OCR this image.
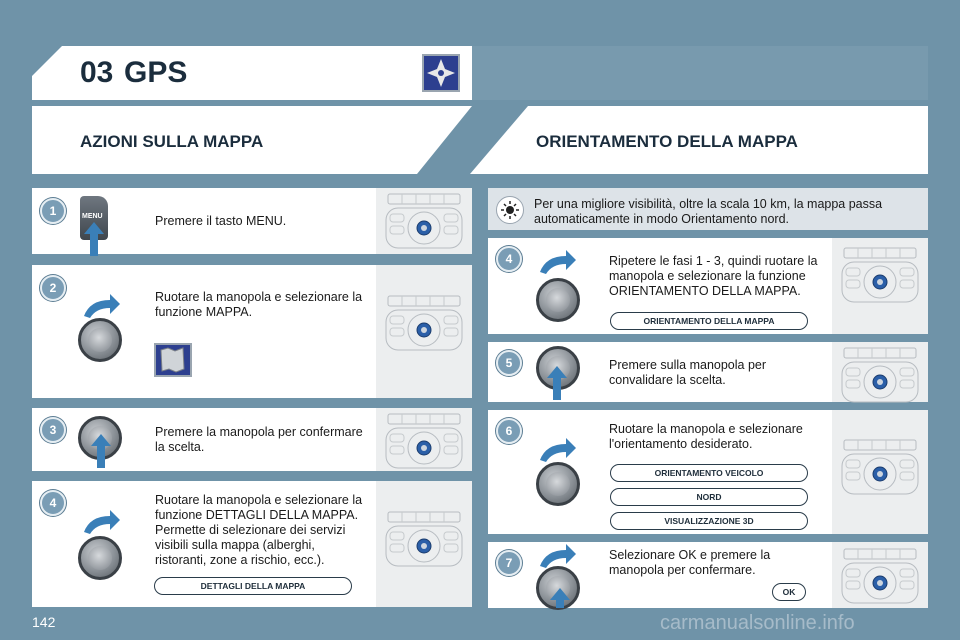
03 GPS
AZIONI SULLA MAPPA	ORIENTAMENTO DELLA MAPPA
1	MENU	Premere il tasto MENU.
2
Ruotare la manopola e selezionare la funzione MAPPA.
3	Premere la manopola per confermare la scelta.
4	Ruotare la manopola e selezionare la funzione DETTAGLI DELLA MAPPA. Permette di selezionare dei servizi visibili sulla mappa (alberghi, ristoranti, zone a rischio, ecc.).
DETTAGLI DELLA MAPPA
Per una migliore visibilità, oltre la scala 10 km, la mappa passa automaticamente in modo Orientamento nord.
4	Ripetere le fasi 1 - 3, quindi ruotare la manopola e selezionare la funzione ORIENTAMENTO DELLA MAPPA.
ORIENTAMENTO DELLA MAPPA
5	Premere sulla manopola per convalidare la scelta.
6	Ruotare la manopola e selezionare l'orientamento desiderato.
ORIENTAMENTO VEICOLO
NORD
VISUALIZZAZIONE 3D
7
Selezionare OK e premere la manopola per confermare.
OK
142	carmanualsonline.info
